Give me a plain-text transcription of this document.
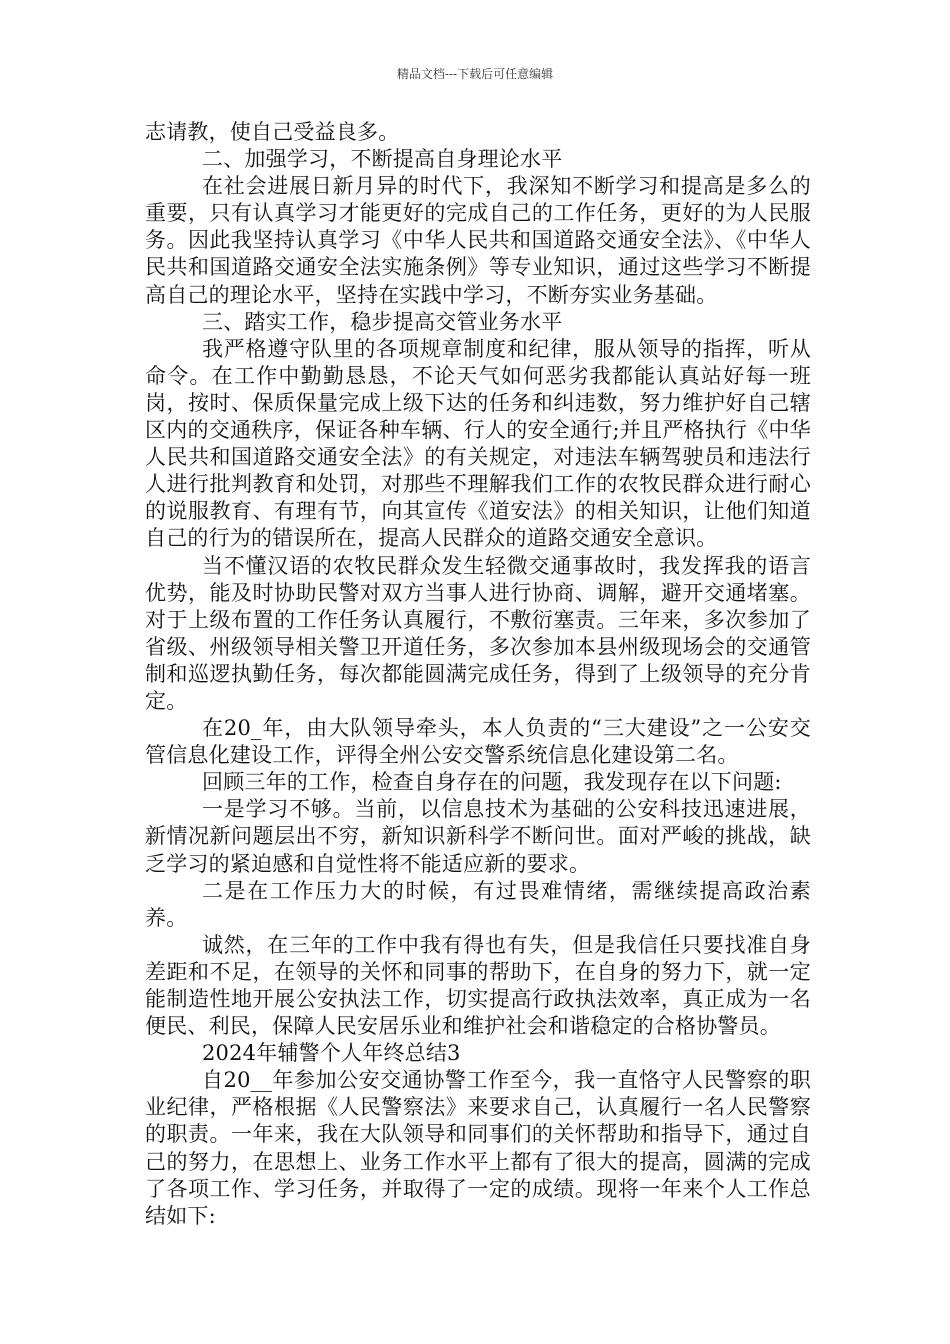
精品文档---下载后可任意编辑

志请教，使自己受益良多。

二、加强学习，不断提高自身理论水平

在社会进展日新月异的时代下，我深知不断学习和提高是多么的重要，只有认真学习才能更好的完成自己的工作任务，更好的为人民服务。因此我坚持认真学习《中华人民共和国道路交通安全法》、《中华人民共和国道路交通安全法实施条例》等专业知识，通过这些学习不断提高自己的理论水平，坚持在实践中学习，不断夯实业务基础。

三、踏实工作，稳步提高交管业务水平

我严格遵守队里的各项规章制度和纪律，服从领导的指挥，听从命令。在工作中勤勤恳恳，不论天气如何恶劣我都能认真站好每一班岗，按时、保质保量完成上级下达的任务和纠违数，努力维护好自己辖区内的交通秩序，保证各种车辆、行人的安全通行;并且严格执行《中华人民共和国道路交通安全法》的有关规定，对违法车辆驾驶员和违法行人进行批判教育和处罚，对那些不理解我们工作的农牧民群众进行耐心的说服教育、有理有节，向其宣传《道安法》的相关知识，让他们知道自己的行为的错误所在，提高人民群众的道路交通安全意识。

当不懂汉语的农牧民群众发生轻微交通事故时，我发挥我的语言优势，能及时协助民警对双方当事人进行协商、调解，避开交通堵塞。对于上级布置的工作任务认真履行，不敷衍塞责。三年来，多次参加了省级、州级领导相关警卫开道任务，多次参加本县州级现场会的交通管制和巡逻执勤任务，每次都能圆满完成任务，得到了上级领导的充分肯定。

在20_年，由大队领导牵头，本人负责的“三大建设”之一公安交管信息化建设工作，评得全州公安交警系统信息化建设第二名。

回顾三年的工作，检查自身存在的问题，我发现存在以下问题:

一是学习不够。当前，以信息技术为基础的公安科技迅速进展，新情况新问题层出不穷，新知识新科学不断问世。面对严峻的挑战，缺乏学习的紧迫感和自觉性将不能适应新的要求。

二是在工作压力大的时候，有过畏难情绪，需继续提高政治素养。

诚然，在三年的工作中我有得也有失，但是我信任只要找准自身差距和不足，在领导的关怀和同事的帮助下，在自身的努力下，就一定能制造性地开展公安执法工作，切实提高行政执法效率，真正成为一名便民、利民，保障人民安居乐业和维护社会和谐稳定的合格协警员。

2024年辅警个人年终总结3

自20__年参加公安交通协警工作至今，我一直恪守人民警察的职业纪律，严格根据《人民警察法》来要求自己，认真履行一名人民警察的职责。一年来，我在大队领导和同事们的关怀帮助和指导下，通过自己的努力，在思想上、业务工作水平上都有了很大的提高，圆满的完成了各项工作、学习任务，并取得了一定的成绩。现将一年来个人工作总结如下:
